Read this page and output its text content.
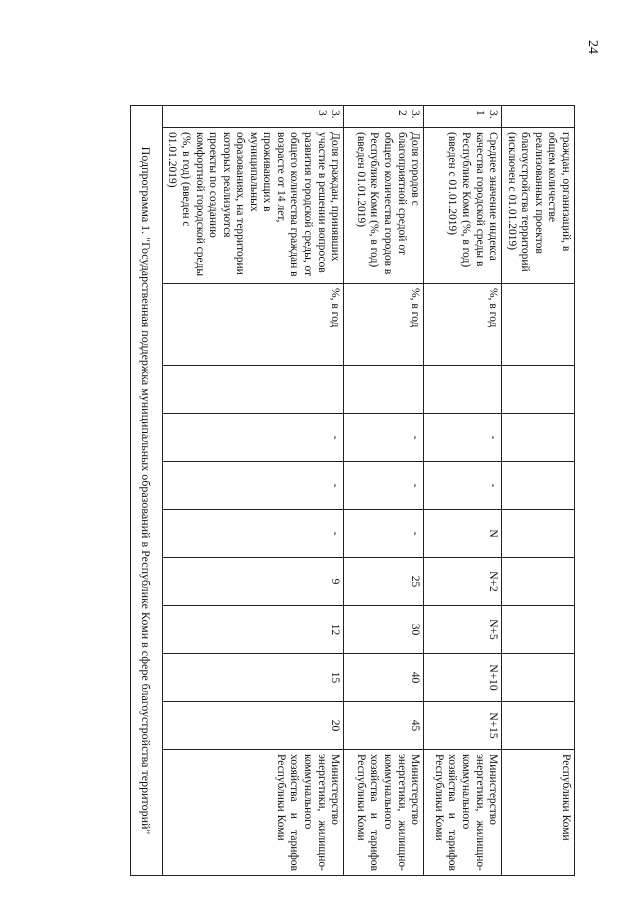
24
	граждан, организаций, в общем количестве реализованных проектов благоустройства территорий (исключен с 01.01.2019)										Республики Коми
3.1	Среднее значение индекса качества городской среды в Республике Коми (%, в год) (введен с 01.01.2019)	%, в год		-	-	N	N+2	N+5	N+10	N+15	Министерство энергетики, жилищно-коммунального хозяйства и тарифов Республики Коми
3.2	Доля городов с благоприятной средой от общего количества городов в Республике Коми (%, в год) (введен 01.01.2019)	%, в год		-	-	-	25	30	40	45	Министерство энергетики, жилищно-коммунального хозяйства и тарифов Республики Коми
3.3	Доля граждан, принявших участие в решении вопросов развития городской среды, от общего количества граждан в возрасте от 14 лет, проживающих в муниципальных образованиях, на территории которых реализуются проекты по созданию комфортной городской среды (%, в год) (введен с 01.01.2019)	%, в год		-	-	-	9	12	15	20	Министерство энергетики, жилищно-коммунального хозяйства и тарифов Республики Коми
Подпрограмма 1. "Государственная поддержка муниципальных образований в Республике Коми в сфере благоустройства территорий"											
